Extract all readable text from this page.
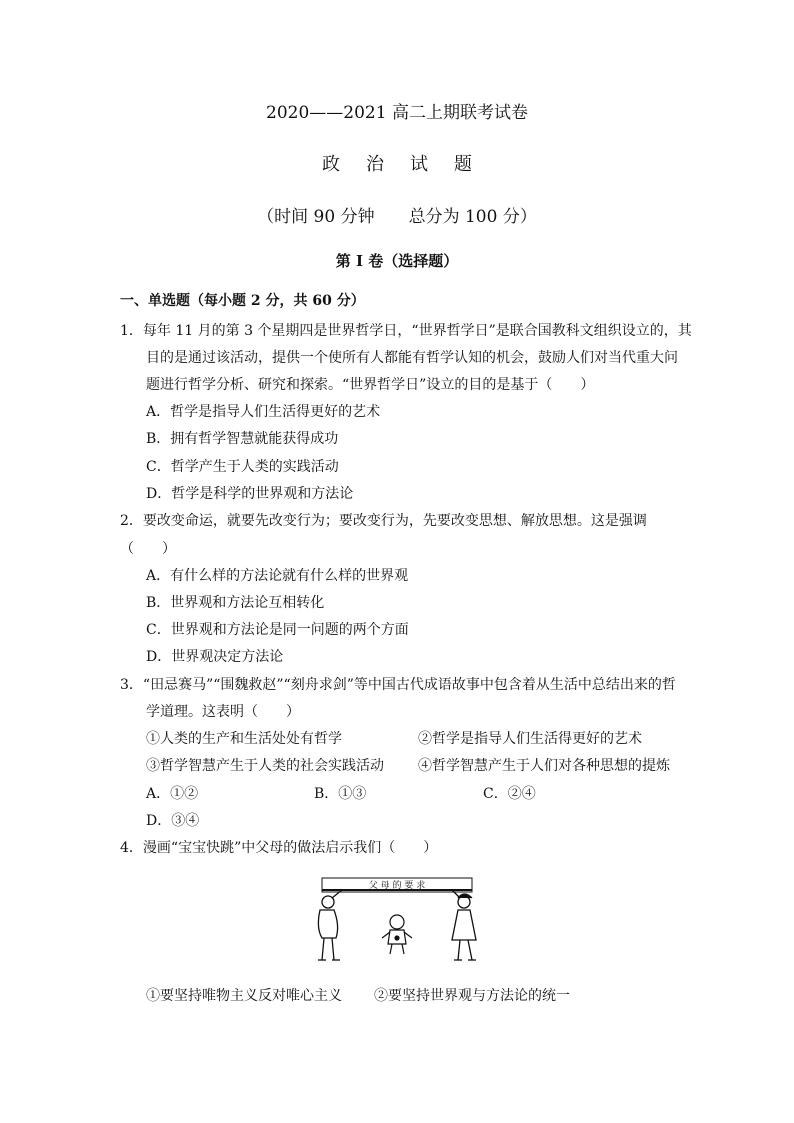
2020——2021 高二上期联考试卷
政治试题
（时间 90 分钟　　总分为 100 分）
第 I 卷（选择题）
一、单选题（每小题 2 分，共 60 分）
1．每年 11 月的第 3 个星期四是世界哲学日，“世界哲学日”是联合国教科文组织设立的，其
目的是通过该活动，提供一个使所有人都能有哲学认知的机会，鼓励人们对当代重大问
题进行哲学分析、研究和探索。“世界哲学日”设立的目的是基于（　　）
A．哲学是指导人们生活得更好的艺术
B．拥有哲学智慧就能获得成功
C．哲学产生于人类的实践活动
D．哲学是科学的世界观和方法论
2．要改变命运，就要先改变行为；要改变行为，先要改变思想、解放思想。这是强调
（　　）
A．有什么样的方法论就有什么样的世界观
B．世界观和方法论互相转化
C．世界观和方法论是同一问题的两个方面
D．世界观决定方法论
3．“田忌赛马”“围魏救赵”“刻舟求剑”等中国古代成语故事中包含着从生活中总结出来的哲
学道理。这表明（　　）
①人类的生产和生活处处有哲学	②哲学是指导人们生活得更好的艺术
③哲学智慧产生于人类的社会实践活动 ④哲学智慧产生于人们对各种思想的提炼
A．①②	B．①③	C．②④
D．③④
4．漫画“宝宝快跳”中父母的做法启示我们（　　）
父 母 的 要 求
①要坚持唯物主义反对唯心主义 ②要坚持世界观与方法论的统一
